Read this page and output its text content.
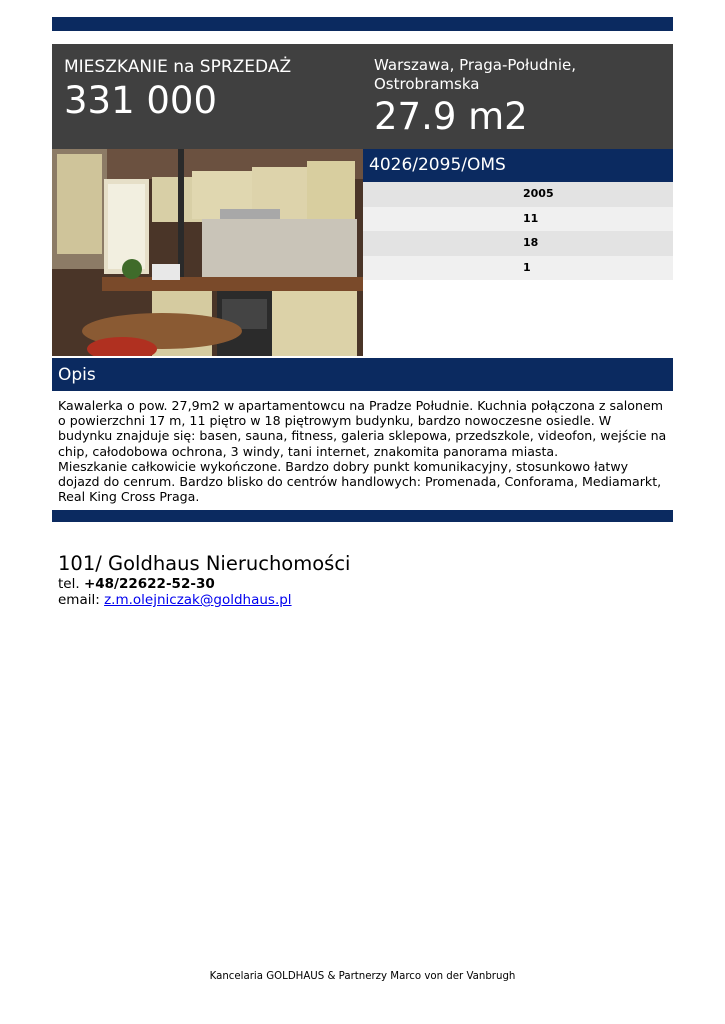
MIESZKANIE na SPRZEDAŻ
331 000
Warszawa, Praga-Południe, Ostrobramska
27.9 m2
4026/2095/OMS
2005
11
18
1
Opis

Kawalerka o pow. 27,9m2 w apartamentowcu na Pradze Południe. Kuchnia połączona z salonem o powierzchni 17 m, 11 piętro w 18 piętrowym budynku, bardzo nowoczesne osiedle. W budynku znajduje się: basen, sauna, fitness, galeria sklepowa, przedszkole, videofon, wejście na chip, całodobowa ochrona, 3 windy, tani internet, znakomita panorama miasta.

Mieszkanie całkowicie wykończone. Bardzo dobry punkt komunikacyjny, stosunkowo łatwy dojazd do cenrum. Bardzo blisko do centrów handlowych: Promenada, Conforama, Mediamarkt, Real King Cross Praga.

101/ Goldhaus Nieruchomości
tel. +48/22622-52-30
email: z.m.olejniczak@goldhaus.pl
Kancelaria GOLDHAUS & Partnerzy Marco von der Vanbrugh
